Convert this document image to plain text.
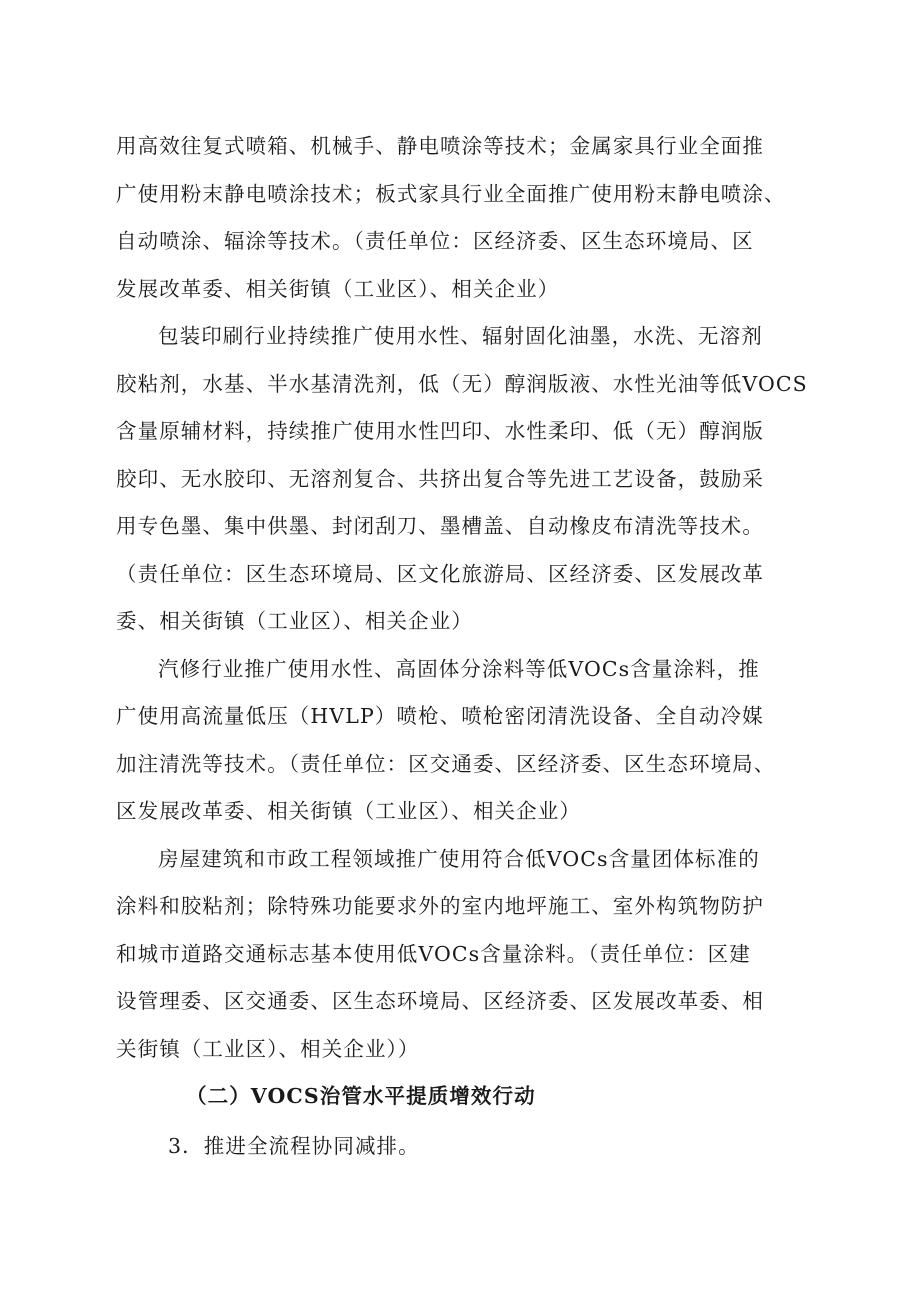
用高效往复式喷箱、机械手、静电喷涂等技术；金属家具行业全面推
广使用粉末静电喷涂技术；板式家具行业全面推广使用粉末静电喷涂、
自动喷涂、辐涂等技术。（责任单位：区经济委、区生态环境局、区
发展改革委、相关街镇（工业区）、相关企业）
包装印刷行业持续推广使用水性、辐射固化油墨，水洗、无溶剂
胶粘剂，水基、半水基清洗剂，低（无）醇润版液、水性光油等低VOCS
含量原辅材料，持续推广使用水性凹印、水性柔印、低（无）醇润版
胶印、无水胶印、无溶剂复合、共挤出复合等先进工艺设备，鼓励采
用专色墨、集中供墨、封闭刮刀、墨槽盖、自动橡皮布清洗等技术。
（责任单位：区生态环境局、区文化旅游局、区经济委、区发展改革
委、相关街镇（工业区）、相关企业）
汽修行业推广使用水性、高固体分涂料等低VOCs含量涂料，推
广使用高流量低压（HVLP）喷枪、喷枪密闭清洗设备、全自动冷媒
加注清洗等技术。（责任单位：区交通委、区经济委、区生态环境局、
区发展改革委、相关街镇（工业区）、相关企业）
房屋建筑和市政工程领域推广使用符合低VOCs含量团体标准的
涂料和胶粘剂；除特殊功能要求外的室内地坪施工、室外构筑物防护
和城市道路交通标志基本使用低VOCs含量涂料。（责任单位：区建
设管理委、区交通委、区生态环境局、区经济委、区发展改革委、相
关街镇（工业区）、相关企业））
（二）VOCS治管水平提质增效行动
3．推进全流程协同减排。
